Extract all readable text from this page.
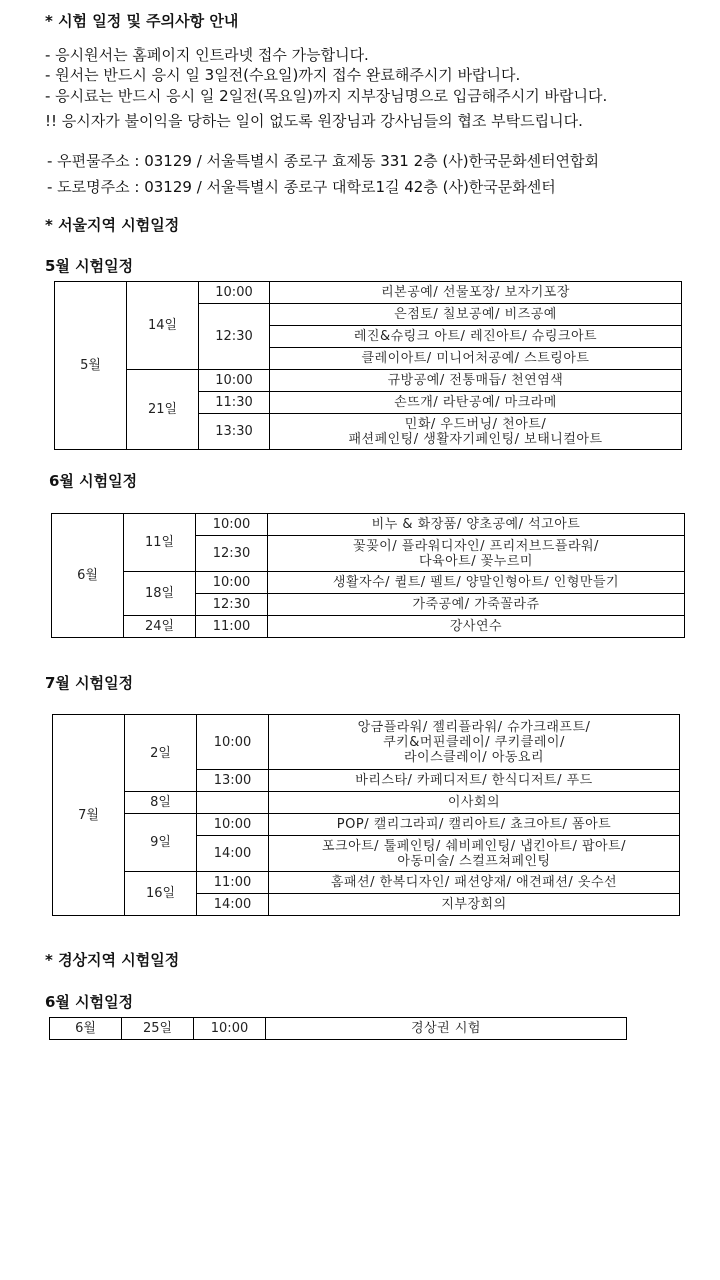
* 시험 일정 및 주의사항 안내
- 응시원서는 홈페이지 인트라넷 접수 가능합니다.
- 원서는 반드시 응시 일 3일전(수요일)까지 접수 완료해주시기 바랍니다.
- 응시료는 반드시 응시 일 2일전(목요일)까지 지부장님명으로 입금해주시기 바랍니다.
!! 응시자가 불이익을 당하는 일이 없도록 원장님과 강사님들의 협조 부탁드립니다.
- 우편물주소 : 03129 / 서울특별시 종로구 효제동 331 2층 (사)한국문화센터연합회
- 도로명주소 : 03129 / 서울특별시 종로구 대학로1길 42층 (사)한국문화센터
* 서울지역 시험일정
5월 시험일정
5월	14일	10:00	리본공예/ 선물포장/ 보자기포장
		12:30	은점토/ 칠보공예/ 비즈공예
			레진&슈링크 아트/ 레진아트/ 슈링크아트
			클레이아트/ 미니어처공예/ 스트링아트
	21일	10:00	규방공예/ 전통매듭/ 천연염색
		11:30	손뜨개/ 라탄공예/ 마크라메
		13:30	민화/ 우드버닝/ 천아트/
패션페인팅/ 생활자기페인팅/ 보태니컬아트
6월 시험일정
6월	11일	10:00	비누 & 화장품/ 양초공예/ 석고아트
		12:30	꽃꽂이/ 플라워디자인/ 프리저브드플라워/
다육아트/ 꽃누르미

	18일	10:00	생활자수/ 퀼트/ 펠트/ 양말인형아트/ 인형만들기
		12:30	가죽공예/ 가죽꼴라쥬
	24일	11:00	강사연수
7월 시험일정
7월	2일	10:00	앙금플라워/ 젤리플라워/ 슈가크래프트/
쿠키&머핀클레이/ 쿠키클레이/
라이스클레이/ 아동요리

		13:00	바리스타/ 카페디저트/ 한식디저트/ 푸드
	8일		이사회의
	9일	10:00	POP/ 캘리그라피/ 캘리아트/ 쵸크아트/ 폼아트
		14:00	포크아트/ 툴페인팅/ 쉐비페인팅/ 냅킨아트/ 팝아트/
아동미술/ 스컬프쳐페인팅

	16일	11:00	홈패션/ 한복디자인/ 패션양재/ 애견패션/ 옷수선
		14:00	지부장회의
* 경상지역 시험일정
6월 시험일정
6월	25일	10:00	경상권 시험
